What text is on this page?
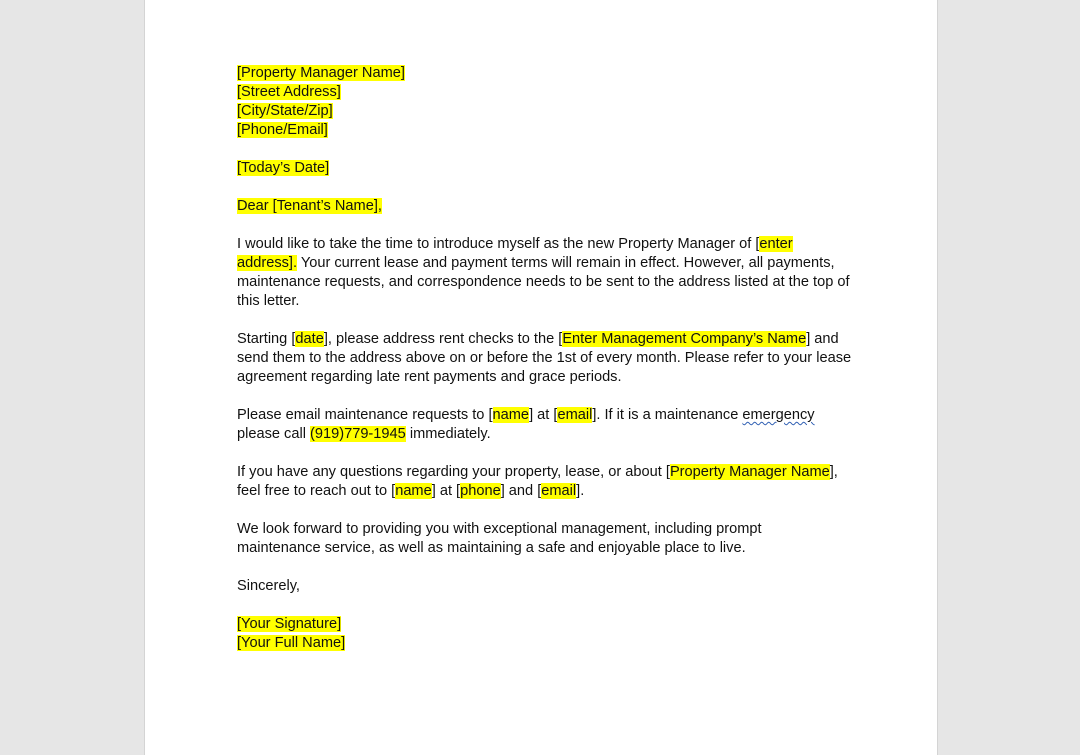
[Property Manager Name]
[Street Address]
[City/State/Zip]
[Phone/Email]
[Today’s Date]
Dear [Tenant’s Name],
I would like to take the time to introduce myself as the new Property Manager of [enter
address]. Your current lease and payment terms will remain in effect. However, all payments,
maintenance requests, and correspondence needs to be sent to the address listed at the top of
this letter.
Starting [date], please address rent checks to the [Enter Management Company’s Name] and
send them to the address above on or before the 1st of every month. Please refer to your lease
agreement regarding late rent payments and grace periods.
Please email maintenance requests to [name] at [email]. If it is a maintenance emergency
please call (919)779-1945 immediately.
If you have any questions regarding your property, lease, or about [Property Manager Name],
feel free to reach out to [name] at [phone] and [email].
We look forward to providing you with exceptional management, including prompt
maintenance service, as well as maintaining a safe and enjoyable place to live.
Sincerely,
[Your Signature]
[Your Full Name]
